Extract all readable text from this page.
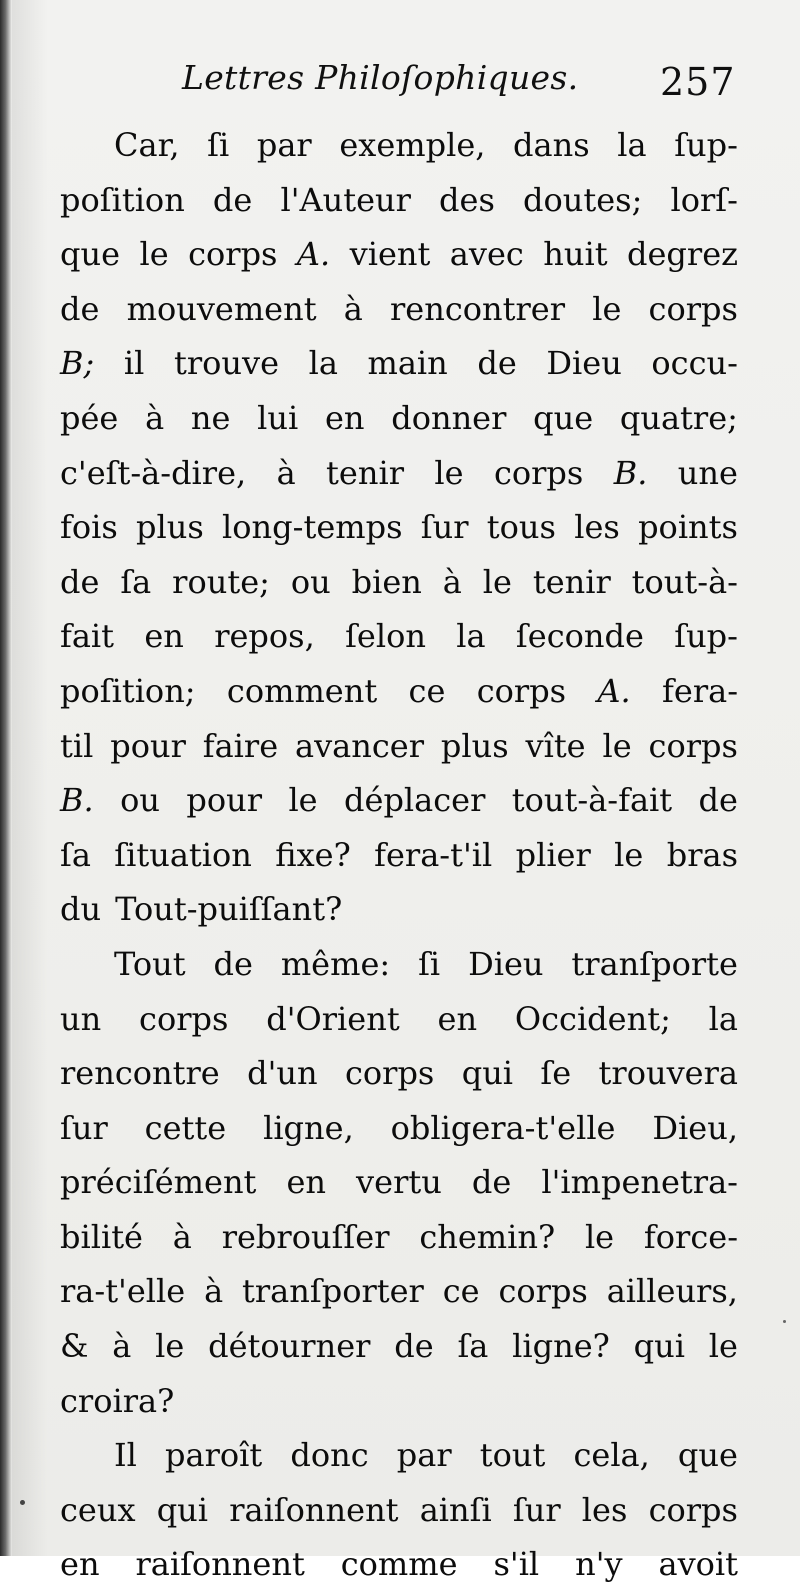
Lettres Philoſophiques. 257
Car, ſi par exemple, dans la ſup-
poſition de l'Auteur des doutes; lorſ-
que le corps A. vient avec huit degrez
de mouvement à rencontrer le corps
B; il trouve la main de Dieu occu-
pée à ne lui en donner que quatre;
c'eſt-à-dire, à tenir le corps B. une
fois plus long-temps ſur tous les points
de ſa route; ou bien à le tenir tout-à-
fait en repos, ſelon la ſeconde ſup-
poſition; comment ce corps A. fera-
til pour faire avancer plus vîte le corps
B. ou pour le déplacer tout-à-fait de
ſa ſituation fixe? fera-t'il plier le bras
du Tout-puiſſant?
Tout de même: ſi Dieu tranſporte
un corps d'Orient en Occident; la
rencontre d'un corps qui ſe trouvera
ſur cette ligne, obligera-t'elle Dieu,
préciſément en vertu de l'impenetra-
bilité à rebrouſſer chemin? le force-
ra-t'elle à tranſporter ce corps ailleurs,
& à le détourner de ſa ligne? qui le
croira?
Il paroît donc par tout cela, que
ceux qui raiſonnent ainſi ſur les corps
en raiſonnent comme s'il n'y avoit
